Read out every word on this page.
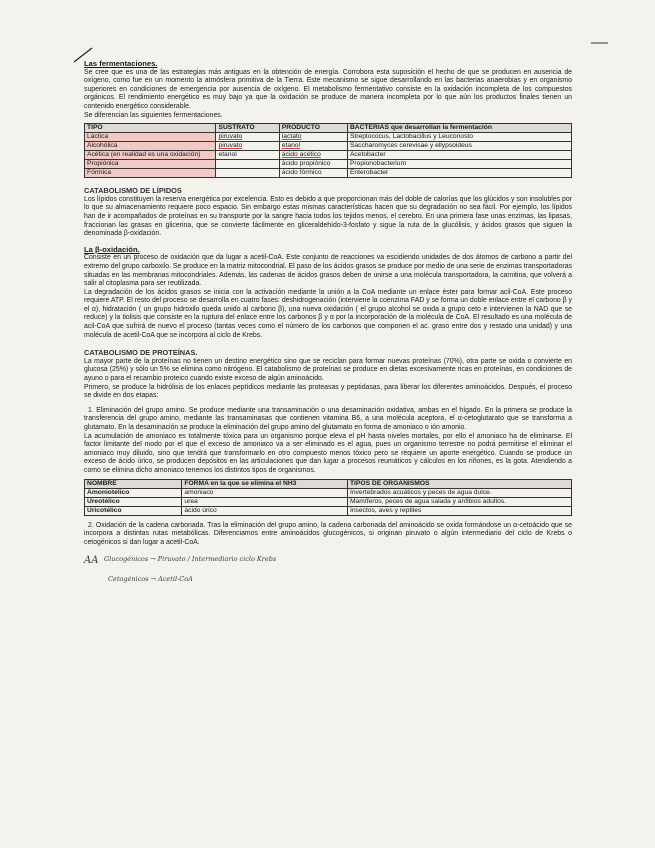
Las fermentaciones.

Se cree que es una de las estrategias más antiguas en la obtención de energía. Corrobora esta suposición el hecho de que se producen en ausencia de oxígeno, como fue en un momento la atmósfera primitiva de la Tierra. Este mecanismo se sigue desarrollando en las bacterias anaerobias y en organismo superiores en condiciones de emergencia por ausencia de oxígeno. El metabolismo fermentativo consiste en la oxidación incompleta de los compuestos orgánicos. El rendimiento energético es muy bajo ya que la oxidación se produce de manera incompleta por lo que aún los productos finales tienen un contenido energético considerable.

Se diferencian las siguientes fermentaciones.

TIPO	SUSTRATO	PRODUCTO	BACTERIAS que desarrollan la fermentación
Láctica	piruvato	lactato	Streptococus, Lactobacillus y Leuconosto
Alcohólica	piruvato	etanol	Saccharomyces cerevisae y ellypsoideus
Acética (en realidad es una oxidación)	etanol	ácido acético	Acetobacter
Propiónica		ácido propiónico	Propionobacterium
Fórmica		ácido fórmico	Enterobacter
CATABOLISMO DE LÍPIDOS

Los lípidos constituyen la reserva energética por excelencia. Esto es debido a que proporcionan más del doble de calorías que los glúcidos y son insolubles por lo que su almacenamiento requiere poco espacio. Sin embargo estas mismas características hacen que su degradación no sea fácil. Por ejemplo, los lípidos han de ir acompañados de proteínas en su transporte por la sangre hacia todos los tejidos menos, el cerebro. En una primera fase unas enzimas, las lipasas, fraccionan las grasas en glicerina, que se convierte fácilmente en gliceraldehído-3-fosfato y sigue la ruta de la glucólisis, y ácidos grasos que siguen la denominada β-oxidación.

La β-oxidación.

Consiste en un proceso de oxidación que da lugar a acetil-CoA. Este conjunto de reacciones va escidiendo unidades de dos átomos de carbono a partir del extremo del grupo carboxilo. Se produce en la matriz mitocondrial. El paso de los ácidos grasos se produce por medio de una serie de enzimas transportadoras situadas en las membranas mitocondriales. Además, las cadenas de ácidos grasos deben de unirse a una molécula transportadora, la carnitina, que volverá a salir al citoplasma para ser reutilizada.

La degradación de los ácidos grasos se inicia con la activación mediante la unión a la CoA mediante un enlace éster para formar acil-CoA. Este proceso requiere ATP. El resto del proceso se desarrolla en cuatro fases: deshidrogenación (interviene la coenzima FAD y se forma un doble enlace entre el carbono β y el α), hidratación ( un grupo hidroxilo queda unido al carbono β), una nueva oxidación ( el grupo alcohol se oxida a grupo ceto e intervienen la NAD que se reduce) y la tiolisis que consiste en la ruptura del enlace entre los carbonos β y α por la incorporación de la molécula de CoA. El resultado es una molécula de acil-CoA que sufrirá de nuevo el proceso (tantas veces como el número de los carbonos que componen el ac. graso entre dos y restado una unidad) y una molécula de acetil-CoA que se incorpora al ciclo de Krebs.

CATABOLISMO DE PROTEÍNAS.

La mayor parte de la proteínas no tienen un destino energético sino que se reciclan para formar nuevas proteínas (70%), otra parte se oxida o convierte en glucosa (25%) y sólo un 5% se elimina como nitrógeno. El catabolismo de proteínas se produce en dietas excesivamente ricas en proteínas, en condiciones de ayuno o para el recambio proteico cuando existe exceso de algún aminoácido.

Primero, se produce la hidrólisis de los enlaces peptídicos mediante las proteasas y peptidasas, para liberar los diferentes aminoácidos. Después, el proceso se divide en dos etapas:

1. Eliminación del grupo amino. Se produce mediante una transaminación o una desaminación oxidativa, ambas en el hígado. En la primera se produce la transferencia del grupo amino, mediante las transaminasas que contienen vitamina B6, a una molécula aceptora, el α-cetoglutarato que se transforma a glutamato. En la desaminación se produce la eliminación del grupo amino del glutamato en forma de amoniaco o ión amonio.

La acumulación de amoniaco es totalmente tóxica para un organismo porque eleva el pH hasta niveles mortales, por ello el amoniaco ha de eliminarse. El factor limitante del modo por el que el exceso de amoniaco va a ser eliminado es el agua, pues un organismo terrestre no podrá permitirse el eliminar el amoniaco muy diluido, sino que tendrá que transformarlo en otro compuesto menos tóxico pero se requiere un aporte energético. Cuando se produce un exceso de ácido úrico, se producen depósitos en las articulaciones que dan lugar a procesos reumáticos y cálculos en los riñones, es la gota. Atendiendo a como se elimina dicho amoniaco tenemos los distintos tipos de organismos.

NOMBRE	FORMA en la que se elimina el NH3	TIPOS DE ORGANISMOS
Amoniotélico	amoniaco	Invertebrados acuáticos y peces de agua dulce.
Ureotélico	urea	Mamíferos, peces de agua salada y anfibios adultos.
Uricotélico	ácido úrico	Insectos, aves y reptiles

2. Oxidación de la cadena carbonada. Tras la eliminación del grupo amino, la cadena carbonada del aminoácido se oxida formándose un α-cetoácido que se incorpora a distintas rutas metabólicas. Diferenciamos entre aminoácidos glucogénicos, si originan piruvato o algún intermediario del ciclo de Krebs o cetogénicos si dan lugar a acetil-CoA.

AA Glucogénicos → Piruvato / Intermediario ciclo Krebs
Cetogénicos → Acetil-CoA
